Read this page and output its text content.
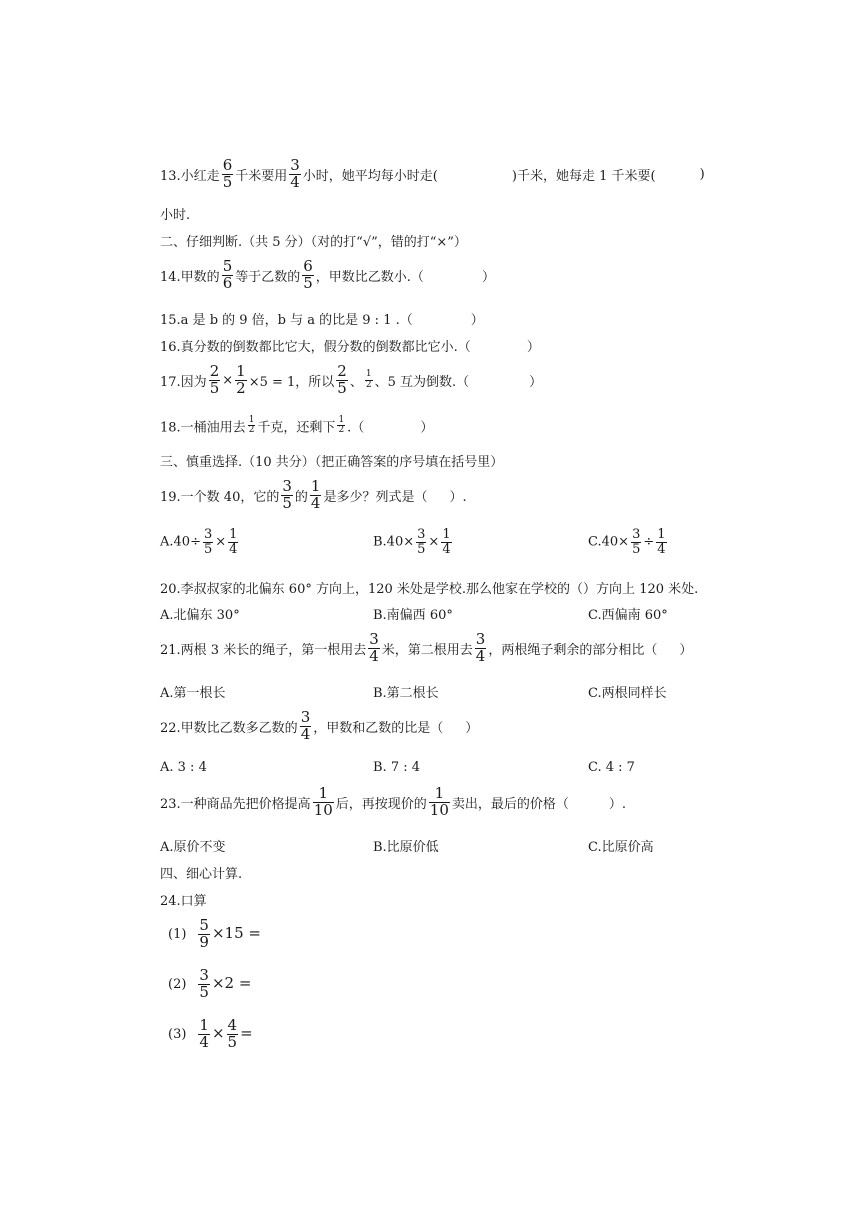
13.小红走 $\frac{6}{5}$ 千米要用 $\frac{3}{4}$ 小时，她平均每小时走(	)千米，她每走 1 千米要(	)
小时.
二、仔细判断.（共 5 分）（对的打“√”，错的打“×”）
14.甲数的 $\frac{5}{6}$ 等于乙数的 $\frac{6}{5}$ ，甲数比乙数小.（	）
15.a 是 b 的 9 倍，b 与 a 的比是 9 : 1 .（	）
16.真分数的倒数都比它大，假分数的倒数都比它小.（	）
17.因为 $\frac{2}{5} \times \frac{1}{2} \times 5 = 1$，所以 $\frac{2}{5}$ 、 $\frac{1}{2}$ 、5 互为倒数.（	）
18.一桶油用去 $\frac{1}{2}$ 千克，还剩下 $\frac{1}{2}$ .（	）
三、慎重选择.（10 共分）（把正确答案的序号填在括号里）
19.一个数 40，它的 $\frac{3}{5}$ 的 $\frac{1}{4}$ 是多少？列式是（ ）.
$A.40\div \frac{3}{5} \times \frac{1}{4}$	$B.40\times \frac{3}{5} \times \frac{1}{4}$	$C.40\times \frac{3}{5} \div \frac{1}{4}$
20.李叔叔家的北偏东 60° 方向上，120 米处是学校.那么他家在学校的（）方向上 120 米处.
A.北偏东 30°	B.南偏西 60°	C.西偏南 60°
21.两根 3 米长的绳子，第一根用去 $\frac{3}{4}$ 米，第二根用去 $\frac{3}{4}$ ，两根绳子剩余的部分相比（ ）
A.第一根长	B.第二根长	C.两根同样长
22.甲数比乙数多乙数的 $\frac{3}{4}$ ，甲数和乙数的比是（ ）
A. 3 : 4	B. 7 : 4	C. 4 : 7
23.一种商品先把价格提高 $\frac{1}{10}$ 后，再按现价的 $\frac{1}{10}$ 卖出，最后的价格（	）.
A.原价不变	B.比原价低	C.比原价高
四、细心计算.
24.口算
$(1) \frac{5}{9} \times 15$ =
$(2) \frac{3}{5} \times 2$ =
$(3) \frac{1}{4} \times \frac{4}{5}$ =
